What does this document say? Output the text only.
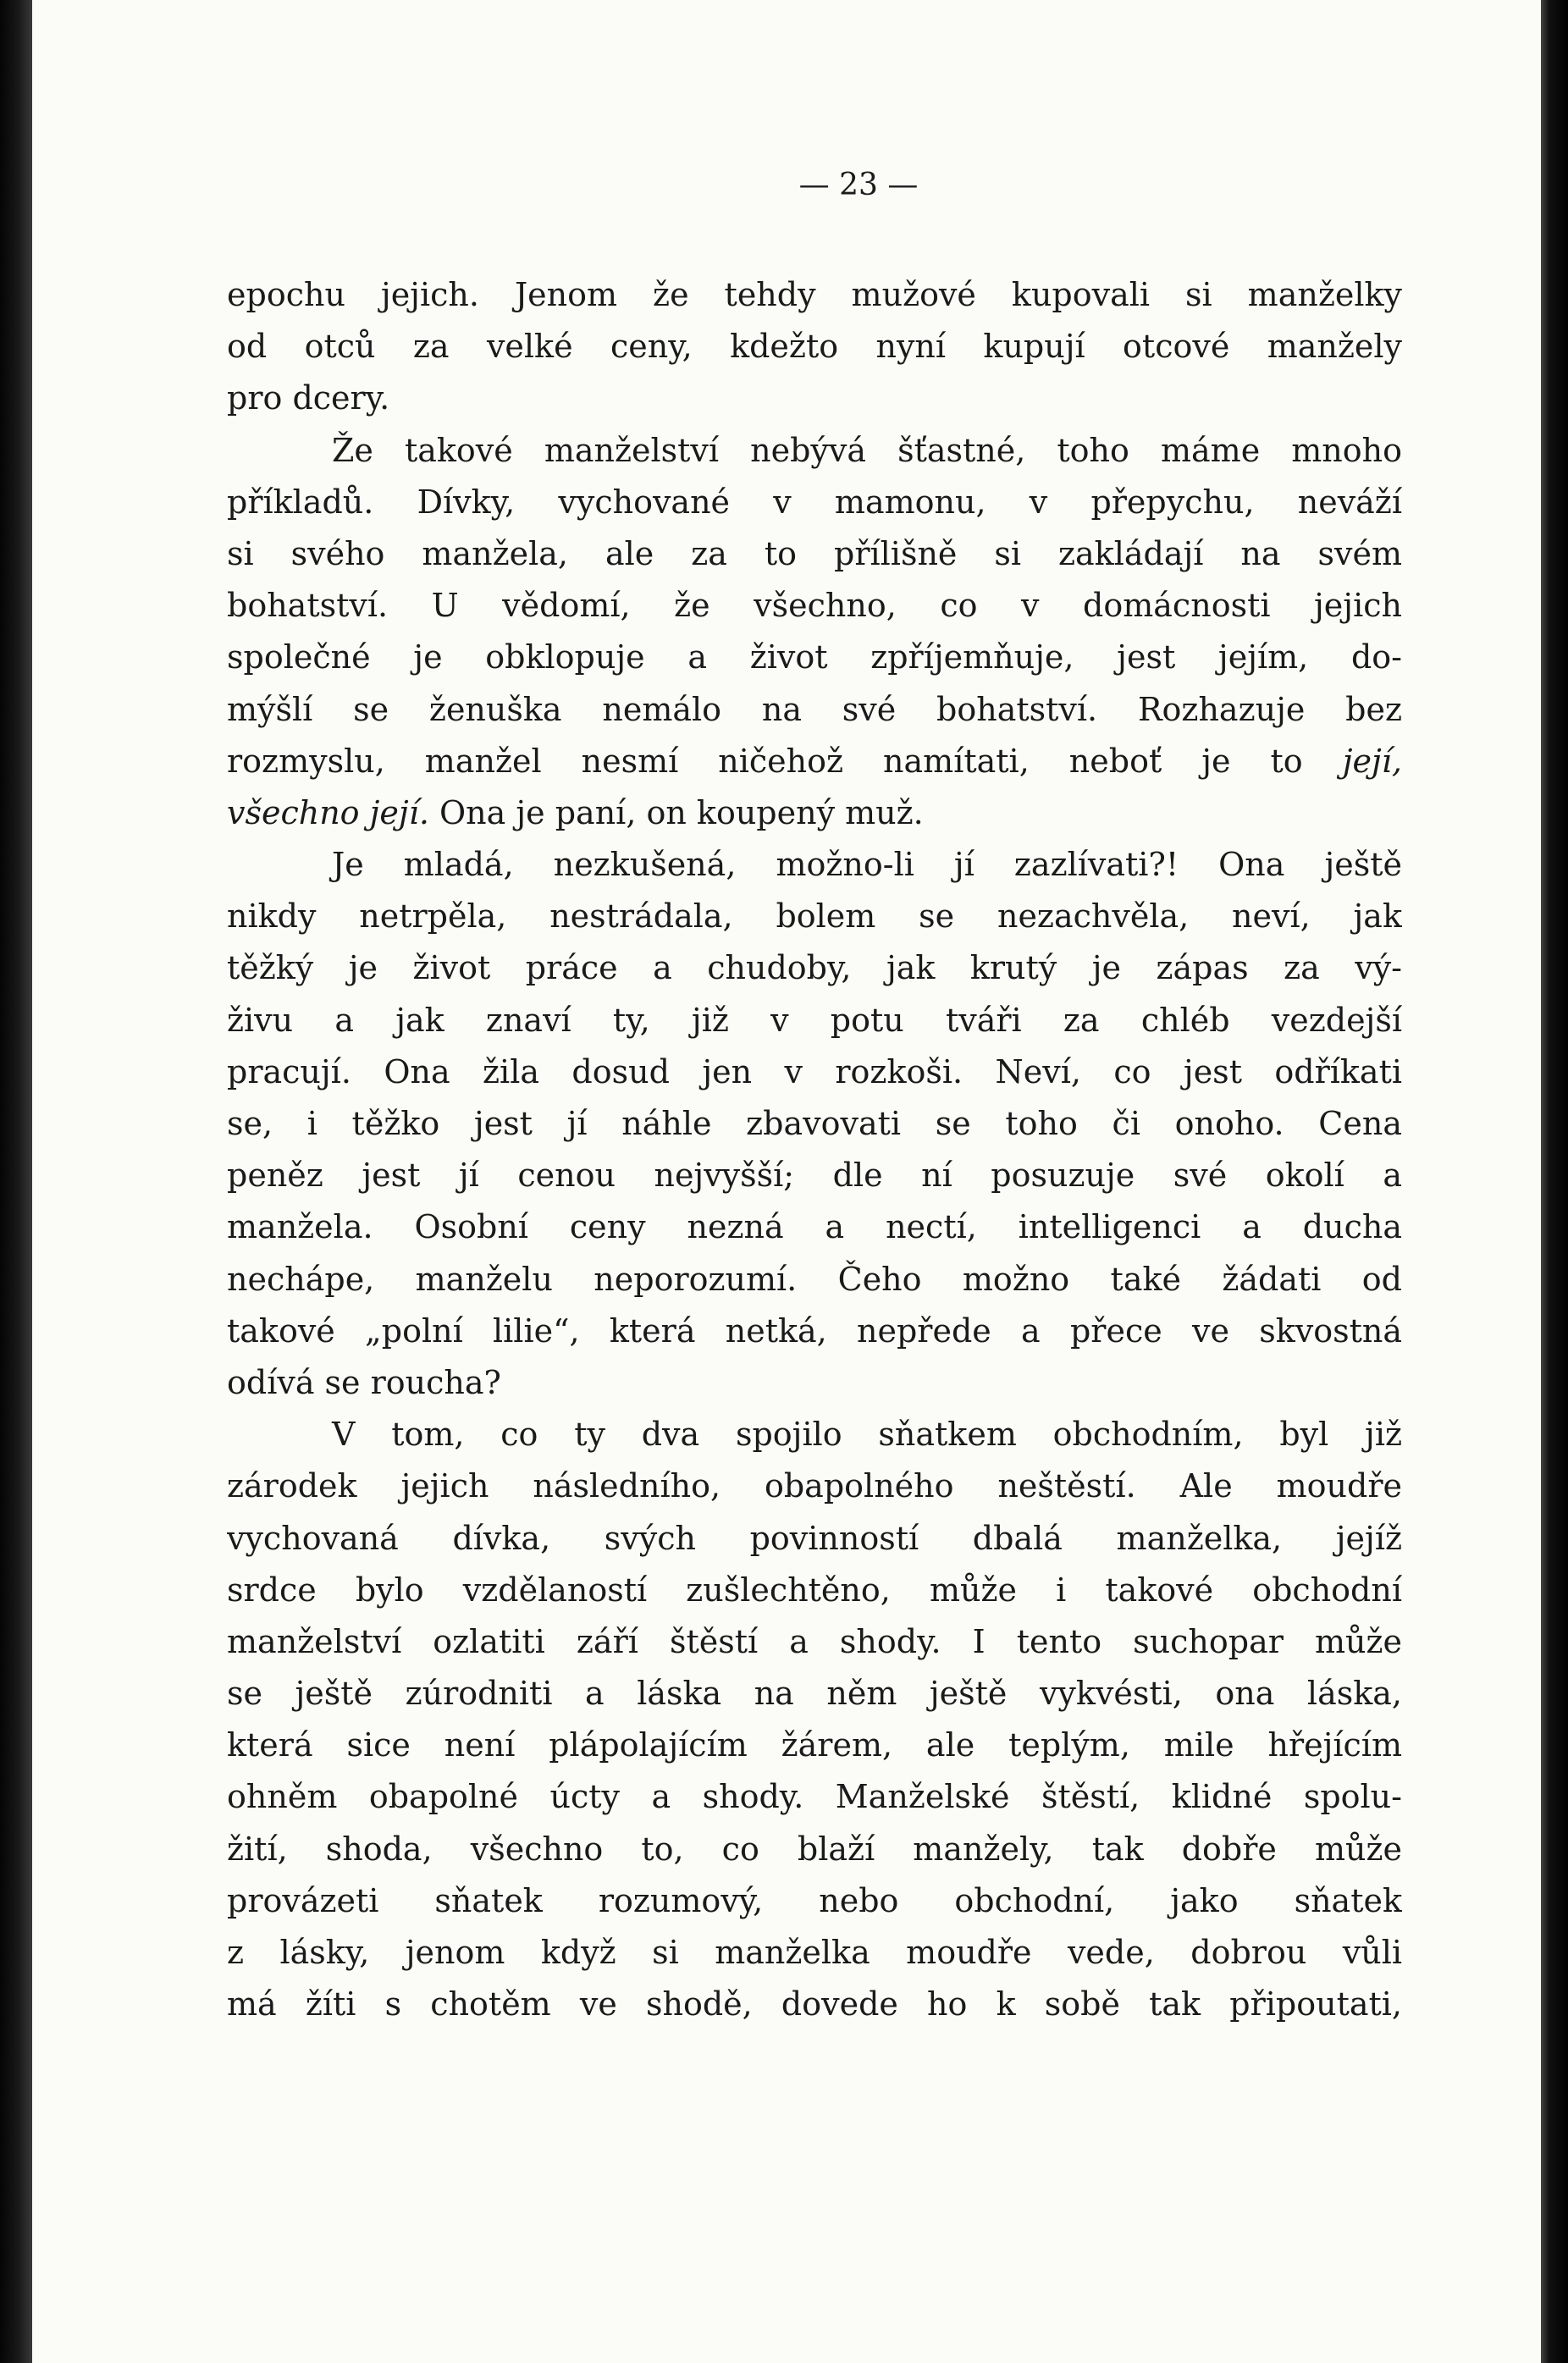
— 23 —
epochu jejich. Jenom že tehdy mužové kupovali si manželky
od otců za velké ceny, kdežto nyní kupují otcové manžely
pro dcery.
Že takové manželství nebývá šťastné, toho máme mnoho
příkladů. Dívky, vychované v mamonu, v přepychu, neváží
si svého manžela, ale za to přílišně si zakládají na svém
bohatství. U vědomí, že všechno, co v domácnosti jejich
společné je obklopuje a život zpříjemňuje, jest jejím, do-
mýšlí se ženuška nemálo na své bohatství. Rozhazuje bez
rozmyslu, manžel nesmí ničehož namítati, neboť je to její,
všechno její. Ona je paní, on koupený muž.
Je mladá, nezkušená, možno-li jí zazlívati?! Ona ještě
nikdy netrpěla, nestrádala, bolem se nezachvěla, neví, jak
těžký je život práce a chudoby, jak krutý je zápas za vý-
živu a jak znaví ty, již v potu tváři za chléb vezdejší
pracují. Ona žila dosud jen v rozkoši. Neví, co jest odříkati
se, i těžko jest jí náhle zbavovati se toho či onoho. Cena
peněz jest jí cenou nejvyšší; dle ní posuzuje své okolí a
manžela. Osobní ceny nezná a nectí, intelligenci a ducha
nechápe, manželu neporozumí. Čeho možno také žádati od
takové „polní lilie“, která netká, nepřede a přece ve skvostná
odívá se roucha?
V tom, co ty dva spojilo sňatkem obchodním, byl již
zárodek jejich následního, obapolného neštěstí. Ale moudře
vychovaná dívka, svých povinností dbalá manželka, jejíž
srdce bylo vzdělaností zušlechtěno, může i takové obchodní
manželství ozlatiti září štěstí a shody. I tento suchopar může
se ještě zúrodniti a láska na něm ještě vykvésti, ona láska,
která sice není plápolajícím žárem, ale teplým, mile hřejícím
ohněm obapolné úcty a shody. Manželské štěstí, klidné spolu-
žití, shoda, všechno to, co blaží manžely, tak dobře může
provázeti sňatek rozumový, nebo obchodní, jako sňatek
z lásky, jenom když si manželka moudře vede, dobrou vůli
má žíti s chotěm ve shodě, dovede ho k sobě tak připoutati,
